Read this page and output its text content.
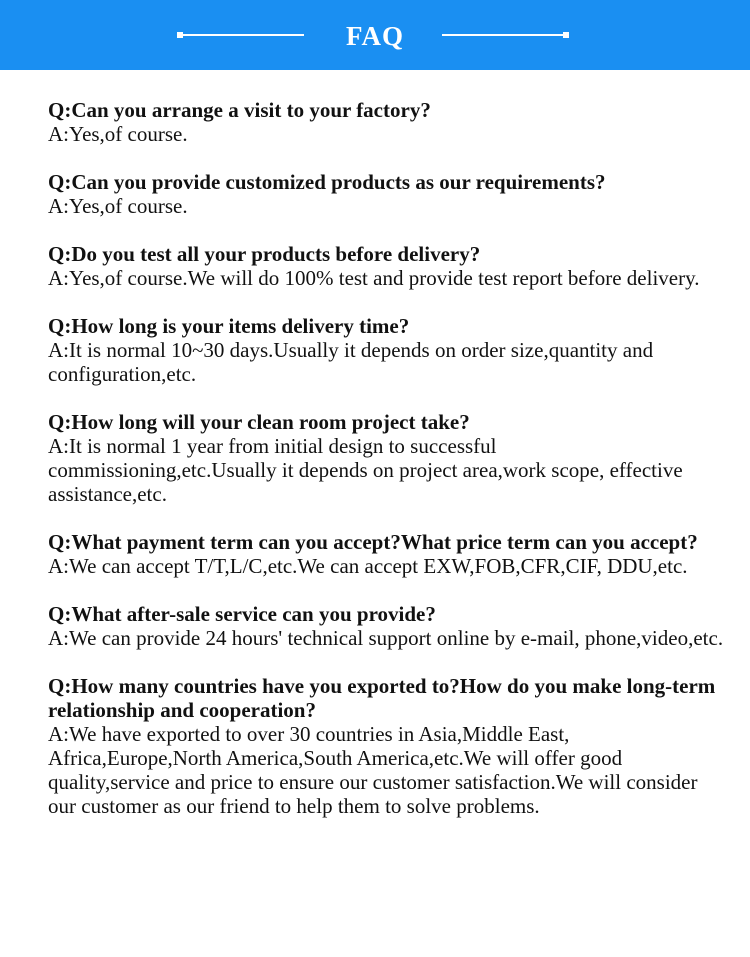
FAQ

Q:Can you arrange a visit to your factory?

A:Yes,of course.

Q:Can you provide customized products as our requirements?

A:Yes,of course.

Q:Do you test all your products before delivery?

A:Yes,of course.We will do 100% test and provide test report before delivery.

Q:How long is your items delivery time?

A:It is normal 10~30 days.Usually it depends on order size,quantity and configuration,etc.

Q:How long will your clean room project take?

A:It is normal 1 year from initial design to successful commissioning,etc.Usually it depends on project area,work scope, effective assistance,etc.

Q:What payment term can you accept?What price term can you accept?

A:We can accept T/T,L/C,etc.We can accept EXW,FOB,CFR,CIF, DDU,etc.

Q:What after-sale service can you provide?

A:We can provide 24 hours' technical support online by e-mail, phone,video,etc.

Q:How many countries have you exported to?How do you make long-term relationship and cooperation?

A:We have exported to over 30 countries in Asia,Middle East, Africa,Europe,North America,South America,etc.We will offer good quality,service and price to ensure our customer satisfaction.We will consider our customer as our friend to help them to solve problems.
